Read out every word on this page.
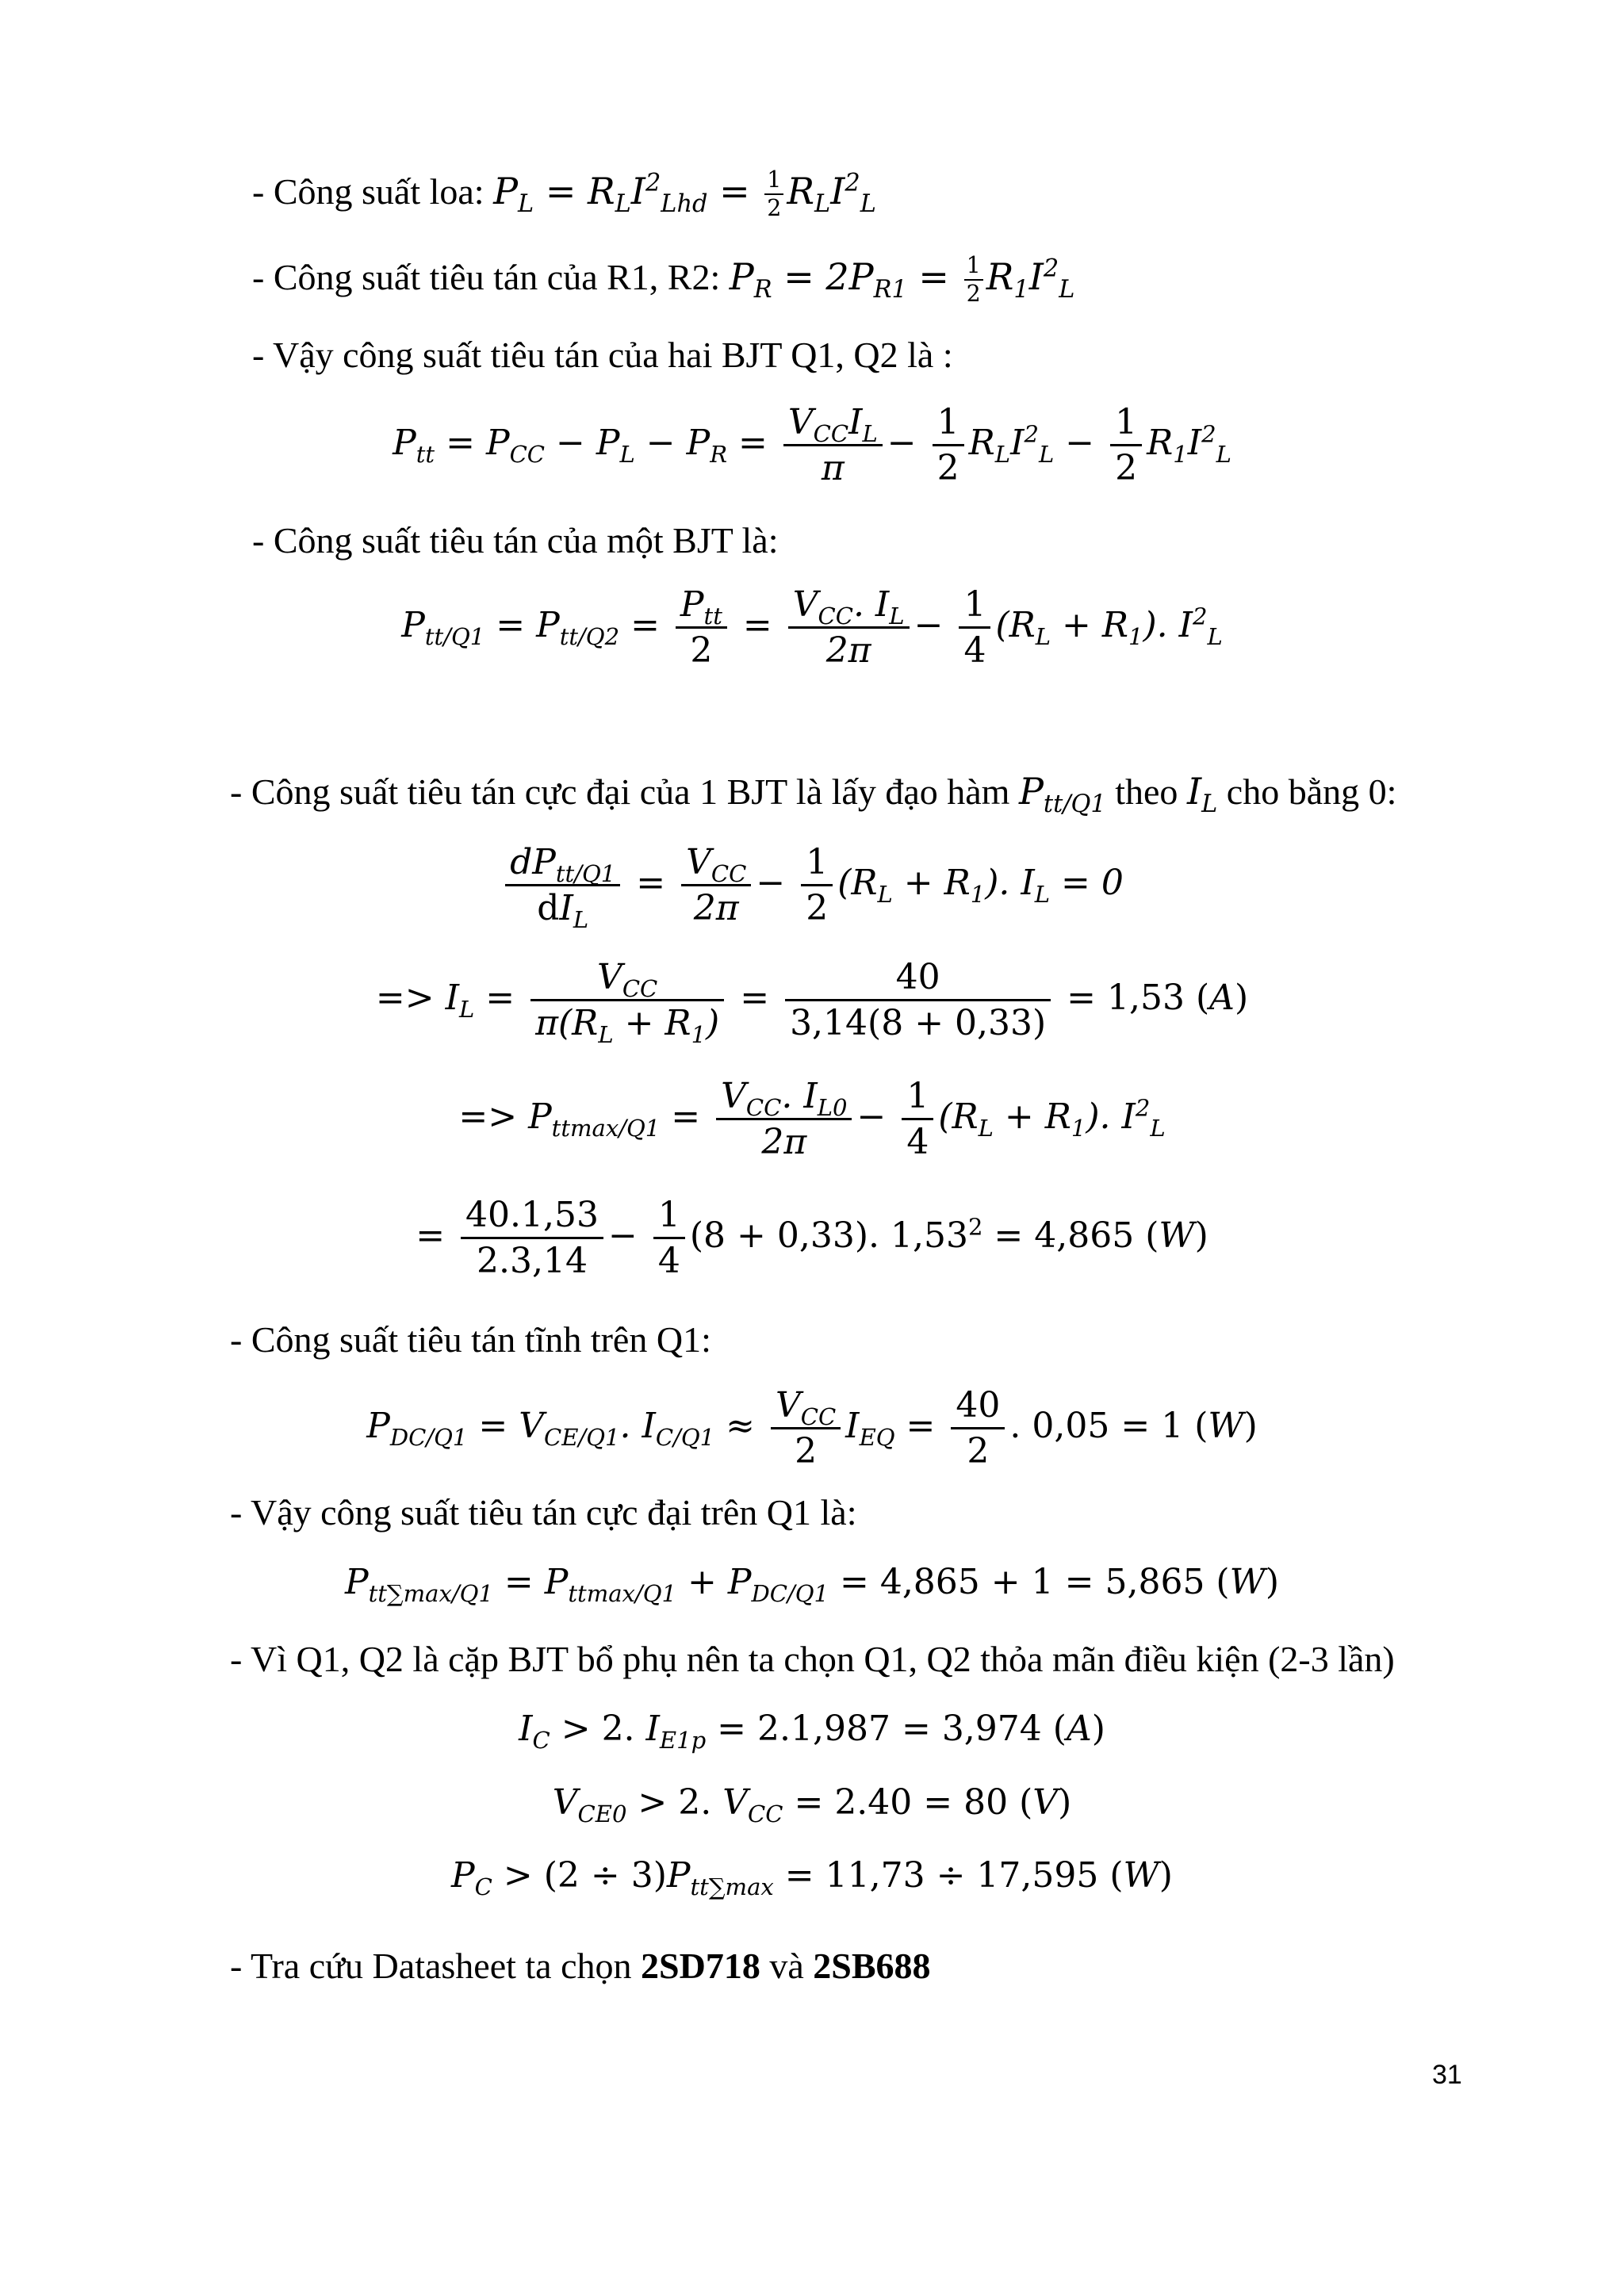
- Công suất loa: $P_L = R_LI^2_{Lhd} = \frac{1}{2} R_LI^2_L$
- Công suất tiêu tán của R1, R2: $P_R = 2P_{R1} = \frac{1}{2} R_1I^2_L$
- Vậy công suất tiêu tán của hai BJT Q1, Q2 là :
$P_{tt} = P_{CC} - P_L - P_R = \frac{V_{CC}I_L}{\pi} - \frac{1}{2} R_LI^2_L - \frac{1}{2} R_1I^2_L$
- Công suất tiêu tán của một BJT là:
$P_{tt/Q1} = P_{tt/Q2} = \frac{P_{tt}}{2} = \frac{V_{CC}. I_L}{2\pi} - \frac{1}{4} (R_L + R_1)$. $I^2_L$
- Công suất tiêu tán cực đại của 1 BJT là lấy đạo hàm $P_{tt/Q1}$ theo $I_L$ cho bằng 0:
$\frac{dP_{tt/Q1}}{dI_L} = \frac{V_{CC}}{2\pi} - \frac{1}{2} (R_L + R_1)$. $I_L = 0$
=> $I_L = \frac{V_{CC}}{\pi(R_L + R_1)} = \frac{40}{3,14(8 + 0,33)} = 1,53$ (A)
=> $P_{ttmax/Q1} = \frac{V_{CC}. I_{L0}}{2\pi} - \frac{1}{4} (R_L + R_1)$. $I^2_L$
= $\frac{40.1,53}{2.3,14} - \frac{1}{4} (8 + 0,33)$. $1,53^2 = 4,865$ (W)
- Công suất tiêu tán tĩnh trên Q1:
$P_{DC/Q1} = V_{CE/Q1}$. $I_{C/Q1} \approx \frac{V_{CC}}{2} I_{EQ} = \frac{40}{2}$ . 0,05 = 1 (W)
- Vậy công suất tiêu tán cực đại trên Q1 là:
$P_{tt\sum max/Q1} = P_{ttmax/Q1} + P_{DC/Q1} = 4,865 + 1 = 5,865$ (W)
- Vì Q1, Q2 là cặp BJT bổ phụ nên ta chọn Q1, Q2 thỏa mãn điều kiện (2-3 lần)
$I_C > 2$. $I_{E1p} = 2.1,987 = 3,974$ (A)
$V_{CE0} > 2$. $V_{CC} = 2.40 = 80$ (V)
$P_C > (2 \div 3)P_{tt\sum max} = 11,73 \div 17,595$ (W)
- Tra cứu Datasheet ta chọn 2SD718 và 2SB688
31
